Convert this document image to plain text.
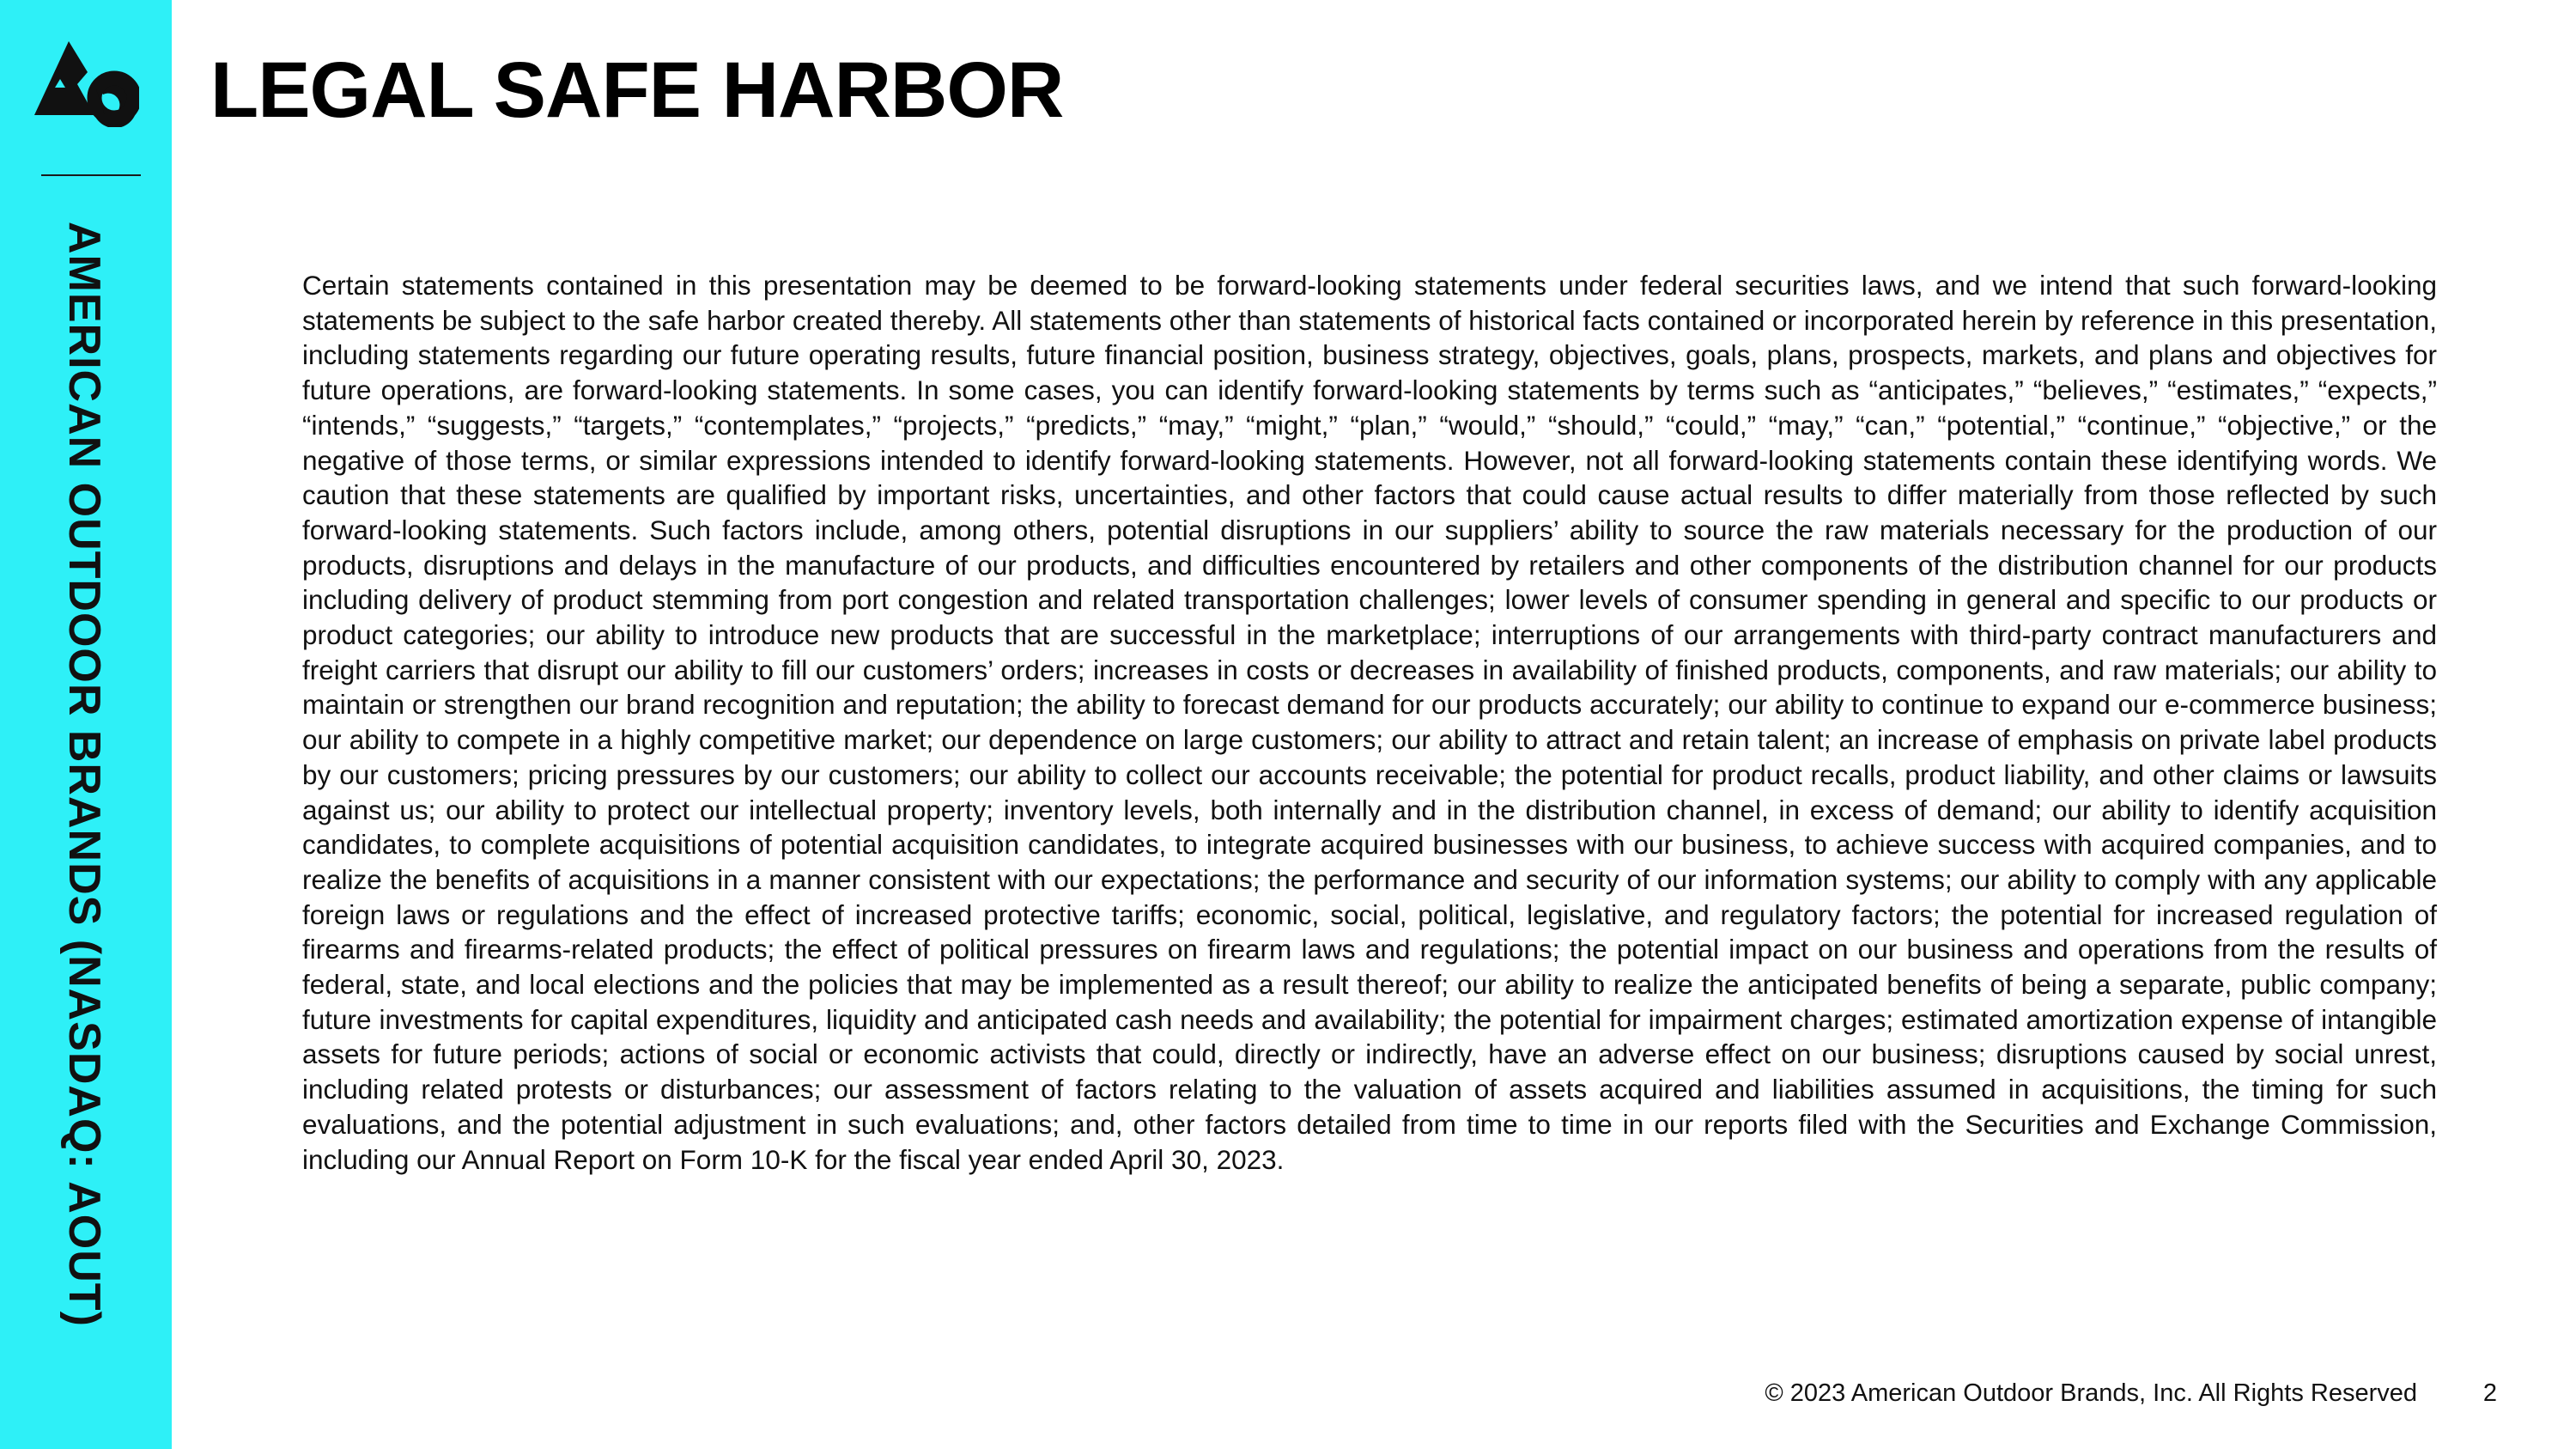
AMERICAN OUTDOOR BRANDS (NASDAQ: AOUT)
LEGAL SAFE HARBOR

Certain statements contained in this presentation may be deemed to be forward-looking statements under federal securities laws, and we intend that such forward-looking statements be subject to the safe harbor created thereby. All statements other than statements of historical facts contained or incorporated herein by reference in this presentation, including statements regarding our future operating results, future financial position, business strategy, objectives, goals, plans, prospects, markets, and plans and objectives for future operations, are forward-looking statements. In some cases, you can identify forward-looking statements by terms such as “anticipates,” “believes,” “estimates,” “expects,” “intends,” “suggests,” “targets,” “contemplates,” “projects,” “predicts,” “may,” “might,” “plan,” “would,” “should,” “could,” “may,” “can,” “potential,” “continue,” “objective,” or the negative of those terms, or similar expressions intended to identify forward-looking statements. However, not all forward-looking statements contain these identifying words. We caution that these statements are qualified by important risks, uncertainties, and other factors that could cause actual results to differ materially from those reflected by such forward-looking statements. Such factors include, among others, potential disruptions in our suppliers’ ability to source the raw materials necessary for the production of our products, disruptions and delays in the manufacture of our products, and difficulties encountered by retailers and other components of the distribution channel for our products including delivery of product stemming from port congestion and related transportation challenges; lower levels of consumer spending in general and specific to our products or product categories; our ability to introduce new products that are successful in the marketplace; interruptions of our arrangements with third-party contract manufacturers and freight carriers that disrupt our ability to fill our customers’ orders; increases in costs or decreases in availability of finished products, components, and raw materials; our ability to maintain or strengthen our brand recognition and reputation; the ability to forecast demand for our products accurately; our ability to continue to expand our e-commerce business; our ability to compete in a highly competitive market; our dependence on large customers; our ability to attract and retain talent; an increase of emphasis on private label products by our customers; pricing pressures by our customers; our ability to collect our accounts receivable; the potential for product recalls, product liability, and other claims or lawsuits against us; our ability to protect our intellectual property; inventory levels, both internally and in the distribution channel, in excess of demand; our ability to identify acquisition candidates, to complete acquisitions of potential acquisition candidates, to integrate acquired businesses with our business, to achieve success with acquired companies, and to realize the benefits of acquisitions in a manner consistent with our expectations; the performance and security of our information systems; our ability to comply with any applicable foreign laws or regulations and the effect of increased protective tariffs; economic, social, political, legislative, and regulatory factors; the potential for increased regulation of firearms and firearms-related products; the effect of political pressures on firearm laws and regulations; the potential impact on our business and operations from the results of federal, state, and local elections and the policies that may be implemented as a result thereof; our ability to realize the anticipated benefits of being a separate, public company; future investments for capital expenditures, liquidity and anticipated cash needs and availability; the potential for impairment charges; estimated amortization expense of intangible assets for future periods; actions of social or economic activists that could, directly or indirectly, have an adverse effect on our business; disruptions caused by social unrest, including related protests or disturbances; our assessment of factors relating to the valuation of assets acquired and liabilities assumed in acquisitions, the timing for such evaluations, and the potential adjustment in such evaluations; and, other factors detailed from time to time in our reports filed with the Securities and Exchange Commission, including our Annual Report on Form 10-K for the fiscal year ended April 30, 2023.

© 2023 American Outdoor Brands, Inc. All Rights Reserved	2
